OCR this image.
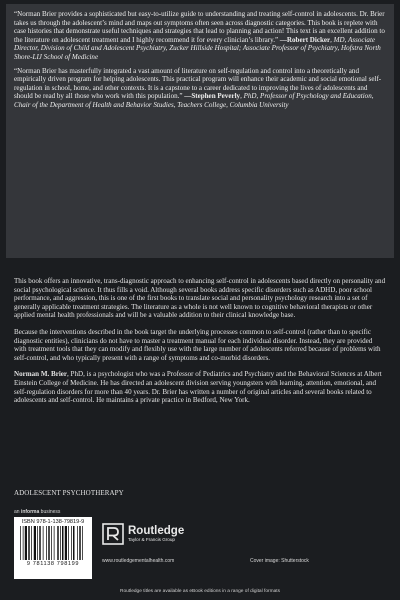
“Norman Brier provides a sophisticated but easy-to-utilize guide to understanding and treating self-control in adolescents. Dr. Brier takes us through the adolescent’s mind and maps out symptoms often seen across diagnostic categories. This book is replete with case histories that demonstrate useful techniques and strategies that lead to planning and action! This text is an excellent addition to the literature on adolescent treatment and I highly recommend it for every clinician’s library.” —Robert Dicker, MD, Associate Director, Division of Child and Adolescent Psychiatry, Zucker Hillside Hospital; Associate Professor of Psychiatry, Hofstra North Shore-LIJ School of Medicine
“Norman Brier has masterfully integrated a vast amount of literature on self-regulation and control into a theoretically and empirically driven program for helping adolescents. This practical program will enhance their academic and social emotional self-regulation in school, home, and other contexts. It is a capstone to a career dedicated to improving the lives of adolescents and should be read by all those who work with this population.” —Stephen Peverly, PhD, Professor of Psychology and Education, Chair of the Department of Health and Behavior Studies, Teachers College, Columbia University

This book offers an innovative, trans-diagnostic approach to enhancing self-control in adolescents based directly on personality and social psychological science. It thus fills a void. Although several books address specific disorders such as ADHD, poor school performance, and aggression, this is one of the first books to translate social and personality psychology research into a set of generally applicable treatment strategies. The literature as a whole is not well known to cognitive behavioral therapists or other applied mental health professionals and will be a valuable addition to their clinical knowledge base.

Because the interventions described in the book target the underlying processes common to self-control (rather than to specific diagnostic entities), clinicians do not have to master a treatment manual for each individual disorder. Instead, they are provided with treatment tools that they can modify and flexibly use with the large number of adolescents referred because of problems with self-control, and who typically present with a range of symptoms and co-morbid disorders.

Norman M. Brier, PhD, is a psychologist who was a Professor of Pediatrics and Psychiatry and the Behavioral Sciences at Albert Einstein College of Medicine. He has directed an adolescent division serving youngsters with learning, attention, emotional, and self-regulation disorders for more than 40 years. Dr. Brier has written a number of original articles and several books related to adolescents and self-control. He maintains a private practice in Bedford, New York.

ADOLESCENT PSYCHOTHERAPY
an informa business
ISBN 978-1-138-79819-9
9 781138 798199
Routledge
Taylor & Francis Group
www.routledgementalhealth.com	Cover image: Shutterstock
Routledge titles are available as eBook editions in a range of digital formats
